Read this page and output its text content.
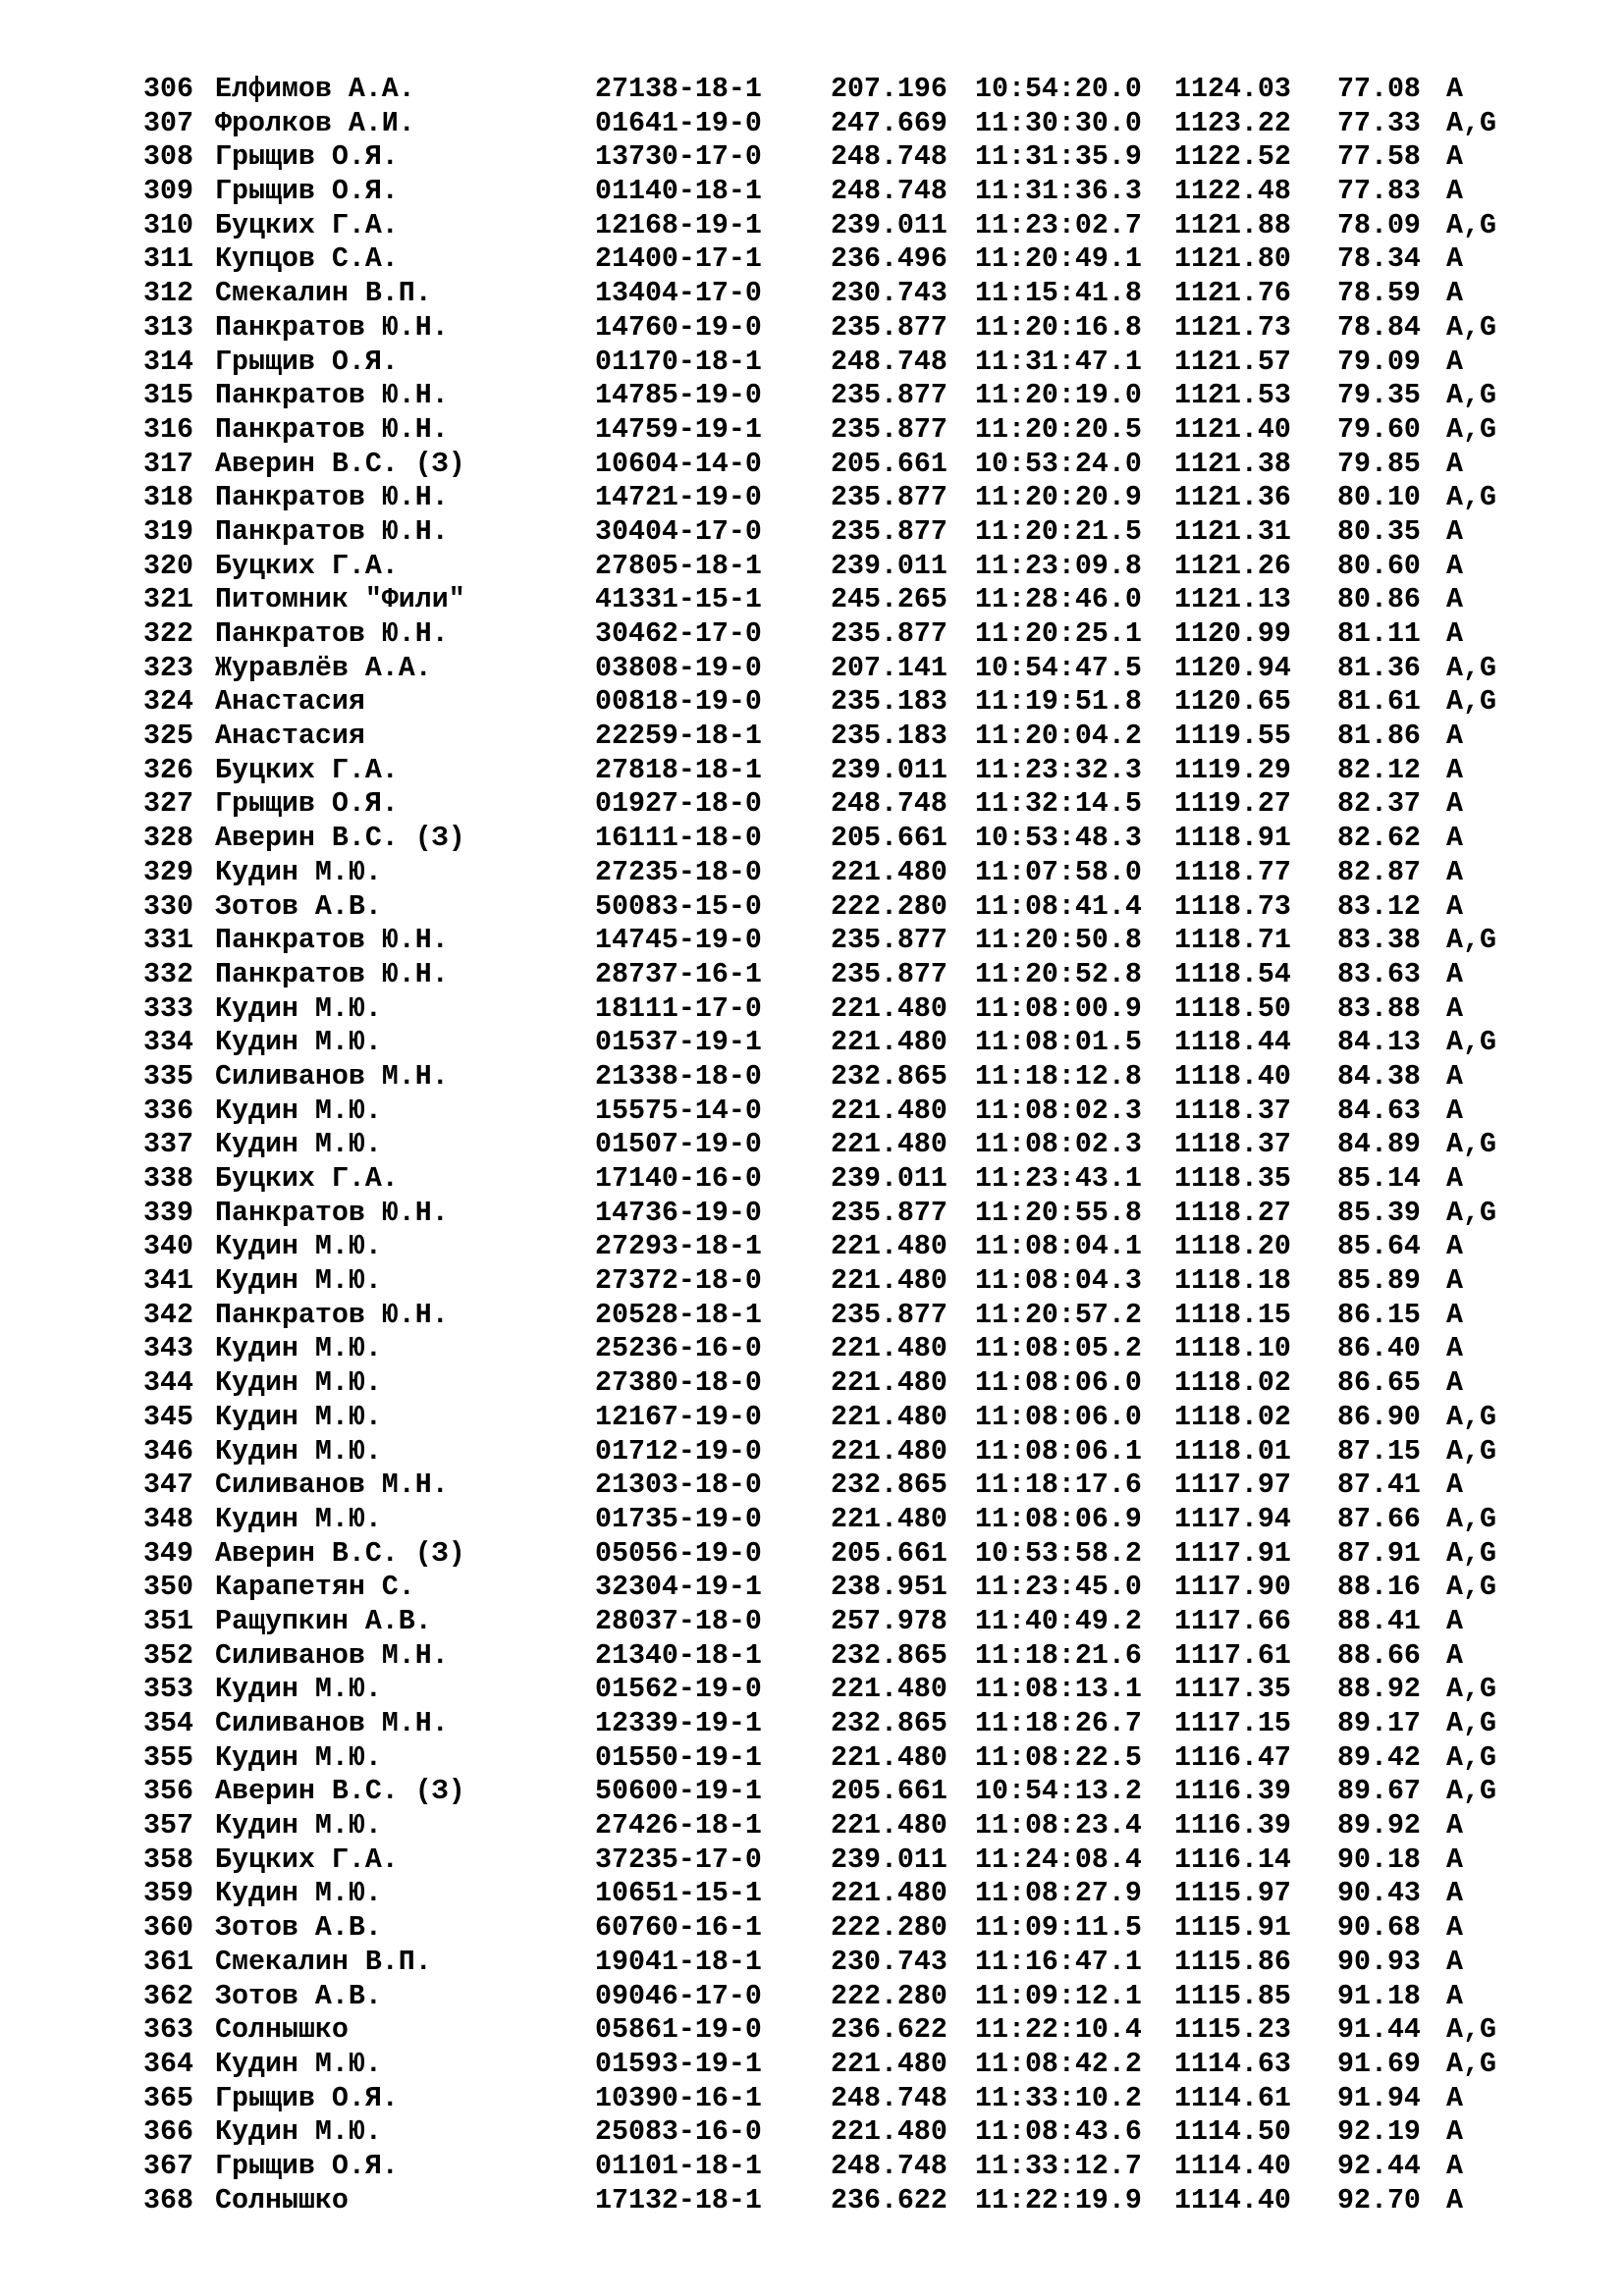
306 Елфимов А.А.	27138-18-1 207.196 10:54:20.0 1124.03 77.08 A
307 Фролков А.И.	01641-19-0 247.669 11:30:30.0 1123.22 77.33 A,G
308 Грыщив О.Я.	13730-17-0 248.748 11:31:35.9 1122.52 77.58 A
309 Грыщив О.Я.	01140-18-1 248.748 11:31:36.3 1122.48 77.83 A
310 Буцких Г.А.	12168-19-1 239.011 11:23:02.7 1121.88 78.09 A,G
311 Купцов С.А.	21400-17-1 236.496 11:20:49.1 1121.80 78.34 A
312 Смекалин В.П.	13404-17-0 230.743 11:15:41.8 1121.76 78.59 A
313 Панкратов Ю.Н.	14760-19-0 235.877 11:20:16.8 1121.73 78.84 A,G
314 Грыщив О.Я.	01170-18-1 248.748 11:31:47.1 1121.57 79.09 A
315 Панкратов Ю.Н.	14785-19-0 235.877 11:20:19.0 1121.53 79.35 A,G
316 Панкратов Ю.Н.	14759-19-1 235.877 11:20:20.5 1121.40 79.60 A,G
317 Аверин В.С. (З)	10604-14-0 205.661 10:53:24.0 1121.38 79.85 A
318 Панкратов Ю.Н.	14721-19-0 235.877 11:20:20.9 1121.36 80.10 A,G
319 Панкратов Ю.Н.	30404-17-0 235.877 11:20:21.5 1121.31 80.35 A
320 Буцких Г.А.	27805-18-1 239.011 11:23:09.8 1121.26 80.60 A
321 Питомник "Фили"	41331-15-1 245.265 11:28:46.0 1121.13 80.86 A
322 Панкратов Ю.Н.	30462-17-0 235.877 11:20:25.1 1120.99 81.11 A
323 Журавлёв А.А.	03808-19-0 207.141 10:54:47.5 1120.94 81.36 A,G
324 Анастасия	00818-19-0 235.183 11:19:51.8 1120.65 81.61 A,G
325 Анастасия	22259-18-1 235.183 11:20:04.2 1119.55 81.86 A
326 Буцких Г.А.	27818-18-1 239.011 11:23:32.3 1119.29 82.12 A
327 Грыщив О.Я.	01927-18-0 248.748 11:32:14.5 1119.27 82.37 A
328 Аверин В.С. (З)	16111-18-0 205.661 10:53:48.3 1118.91 82.62 A
329 Кудин М.Ю.	27235-18-0 221.480 11:07:58.0 1118.77 82.87 A
330 Зотов А.В.	50083-15-0 222.280 11:08:41.4 1118.73 83.12 A
331 Панкратов Ю.Н.	14745-19-0 235.877 11:20:50.8 1118.71 83.38 A,G
332 Панкратов Ю.Н.	28737-16-1 235.877 11:20:52.8 1118.54 83.63 A
333 Кудин М.Ю.	18111-17-0 221.480 11:08:00.9 1118.50 83.88 A
334 Кудин М.Ю.	01537-19-1 221.480 11:08:01.5 1118.44 84.13 A,G
335 Силиванов М.Н.	21338-18-0 232.865 11:18:12.8 1118.40 84.38 A
336 Кудин М.Ю.	15575-14-0 221.480 11:08:02.3 1118.37 84.63 A
337 Кудин М.Ю.	01507-19-0 221.480 11:08:02.3 1118.37 84.89 A,G
338 Буцких Г.А.	17140-16-0 239.011 11:23:43.1 1118.35 85.14 A
339 Панкратов Ю.Н.	14736-19-0 235.877 11:20:55.8 1118.27 85.39 A,G
340 Кудин М.Ю.	27293-18-1 221.480 11:08:04.1 1118.20 85.64 A
341 Кудин М.Ю.	27372-18-0 221.480 11:08:04.3 1118.18 85.89 A
342 Панкратов Ю.Н.	20528-18-1 235.877 11:20:57.2 1118.15 86.15 A
343 Кудин М.Ю.	25236-16-0 221.480 11:08:05.2 1118.10 86.40 A
344 Кудин М.Ю.	27380-18-0 221.480 11:08:06.0 1118.02 86.65 A
345 Кудин М.Ю.	12167-19-0 221.480 11:08:06.0 1118.02 86.90 A,G
346 Кудин М.Ю.	01712-19-0 221.480 11:08:06.1 1118.01 87.15 A,G
347 Силиванов М.Н.	21303-18-0 232.865 11:18:17.6 1117.97 87.41 A
348 Кудин М.Ю.	01735-19-0 221.480 11:08:06.9 1117.94 87.66 A,G
349 Аверин В.С. (З)	05056-19-0 205.661 10:53:58.2 1117.91 87.91 A,G
350 Карапетян С.	32304-19-1 238.951 11:23:45.0 1117.90 88.16 A,G
351 Ращупкин А.В.	28037-18-0 257.978 11:40:49.2 1117.66 88.41 A
352 Силиванов М.Н.	21340-18-1 232.865 11:18:21.6 1117.61 88.66 A
353 Кудин М.Ю.	01562-19-0 221.480 11:08:13.1 1117.35 88.92 A,G
354 Силиванов М.Н.	12339-19-1 232.865 11:18:26.7 1117.15 89.17 A,G
355 Кудин М.Ю.	01550-19-1 221.480 11:08:22.5 1116.47 89.42 A,G
356 Аверин В.С. (З)	50600-19-1 205.661 10:54:13.2 1116.39 89.67 A,G
357 Кудин М.Ю.	27426-18-1 221.480 11:08:23.4 1116.39 89.92 A
358 Буцких Г.А.	37235-17-0 239.011 11:24:08.4 1116.14 90.18 A
359 Кудин М.Ю.	10651-15-1 221.480 11:08:27.9 1115.97 90.43 A
360 Зотов А.В.	60760-16-1 222.280 11:09:11.5 1115.91 90.68 A
361 Смекалин В.П.	19041-18-1 230.743 11:16:47.1 1115.86 90.93 A
362 Зотов А.В.	09046-17-0 222.280 11:09:12.1 1115.85 91.18 A
363 Солнышко	05861-19-0 236.622 11:22:10.4 1115.23 91.44 A,G
364 Кудин М.Ю.	01593-19-1 221.480 11:08:42.2 1114.63 91.69 A,G
365 Грыщив О.Я.	10390-16-1 248.748 11:33:10.2 1114.61 91.94 A
366 Кудин М.Ю.	25083-16-0 221.480 11:08:43.6 1114.50 92.19 A
367 Грыщив О.Я.	01101-18-1 248.748 11:33:12.7 1114.40 92.44 A
368 Солнышко	17132-18-1 236.622 11:22:19.9 1114.40 92.70 A
